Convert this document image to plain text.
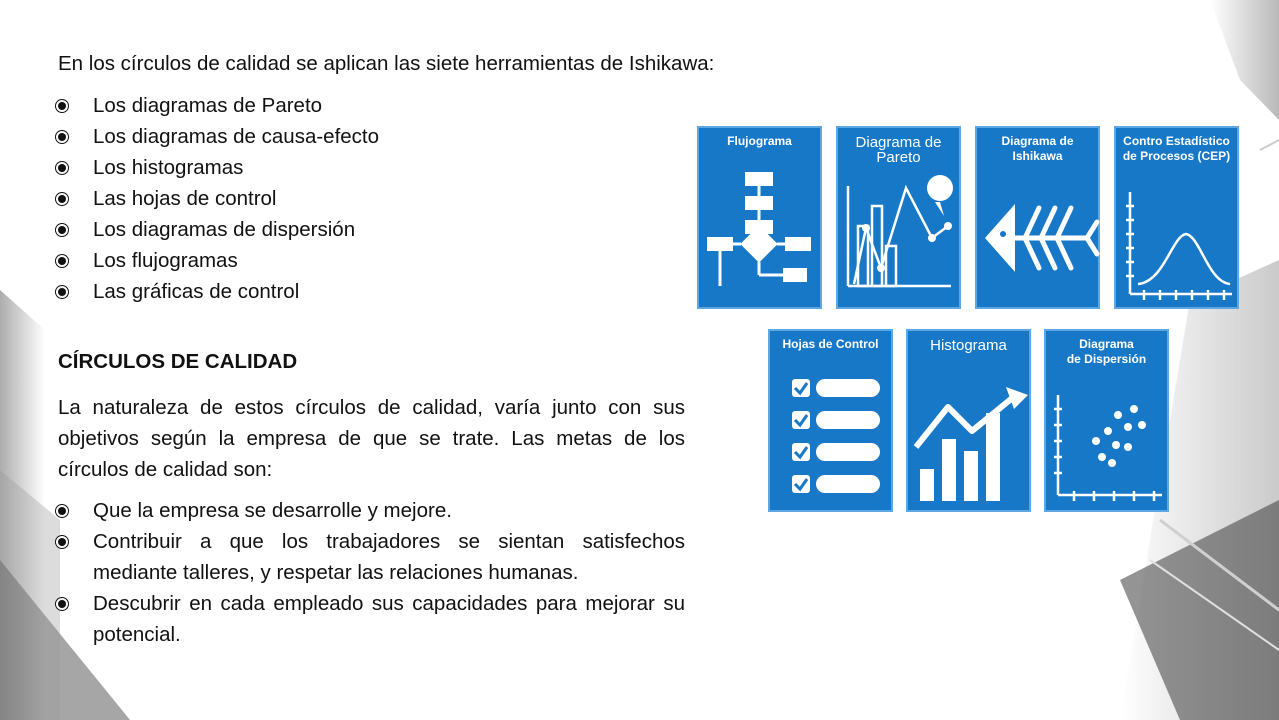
En los círculos de calidad se aplican las siete herramientas de Ishikawa:
Los diagramas de Pareto
Los diagramas de causa-efecto
Los histogramas
Las hojas de control
Los diagramas de dispersión
Los flujogramas
Las gráficas de control
CÍRCULOS DE CALIDAD
La naturaleza de estos círculos de calidad, varía junto con sus objetivos según la empresa de que se trate. Las metas de los círculos de calidad son:
Que la empresa se desarrolle y mejore.
Contribuir a que los trabajadores se sientan satisfechos mediante talleres, y respetar las relaciones humanas.
Descubrir en cada empleado sus capacidades para mejorar su potencial.
Flujograma	Diagrama de Pareto
Diagrama de
Ishikawa
Contro Estadístico
de Procesos (CEP)
Hojas de Control	Histograma	Diagrama
de Dispersión
